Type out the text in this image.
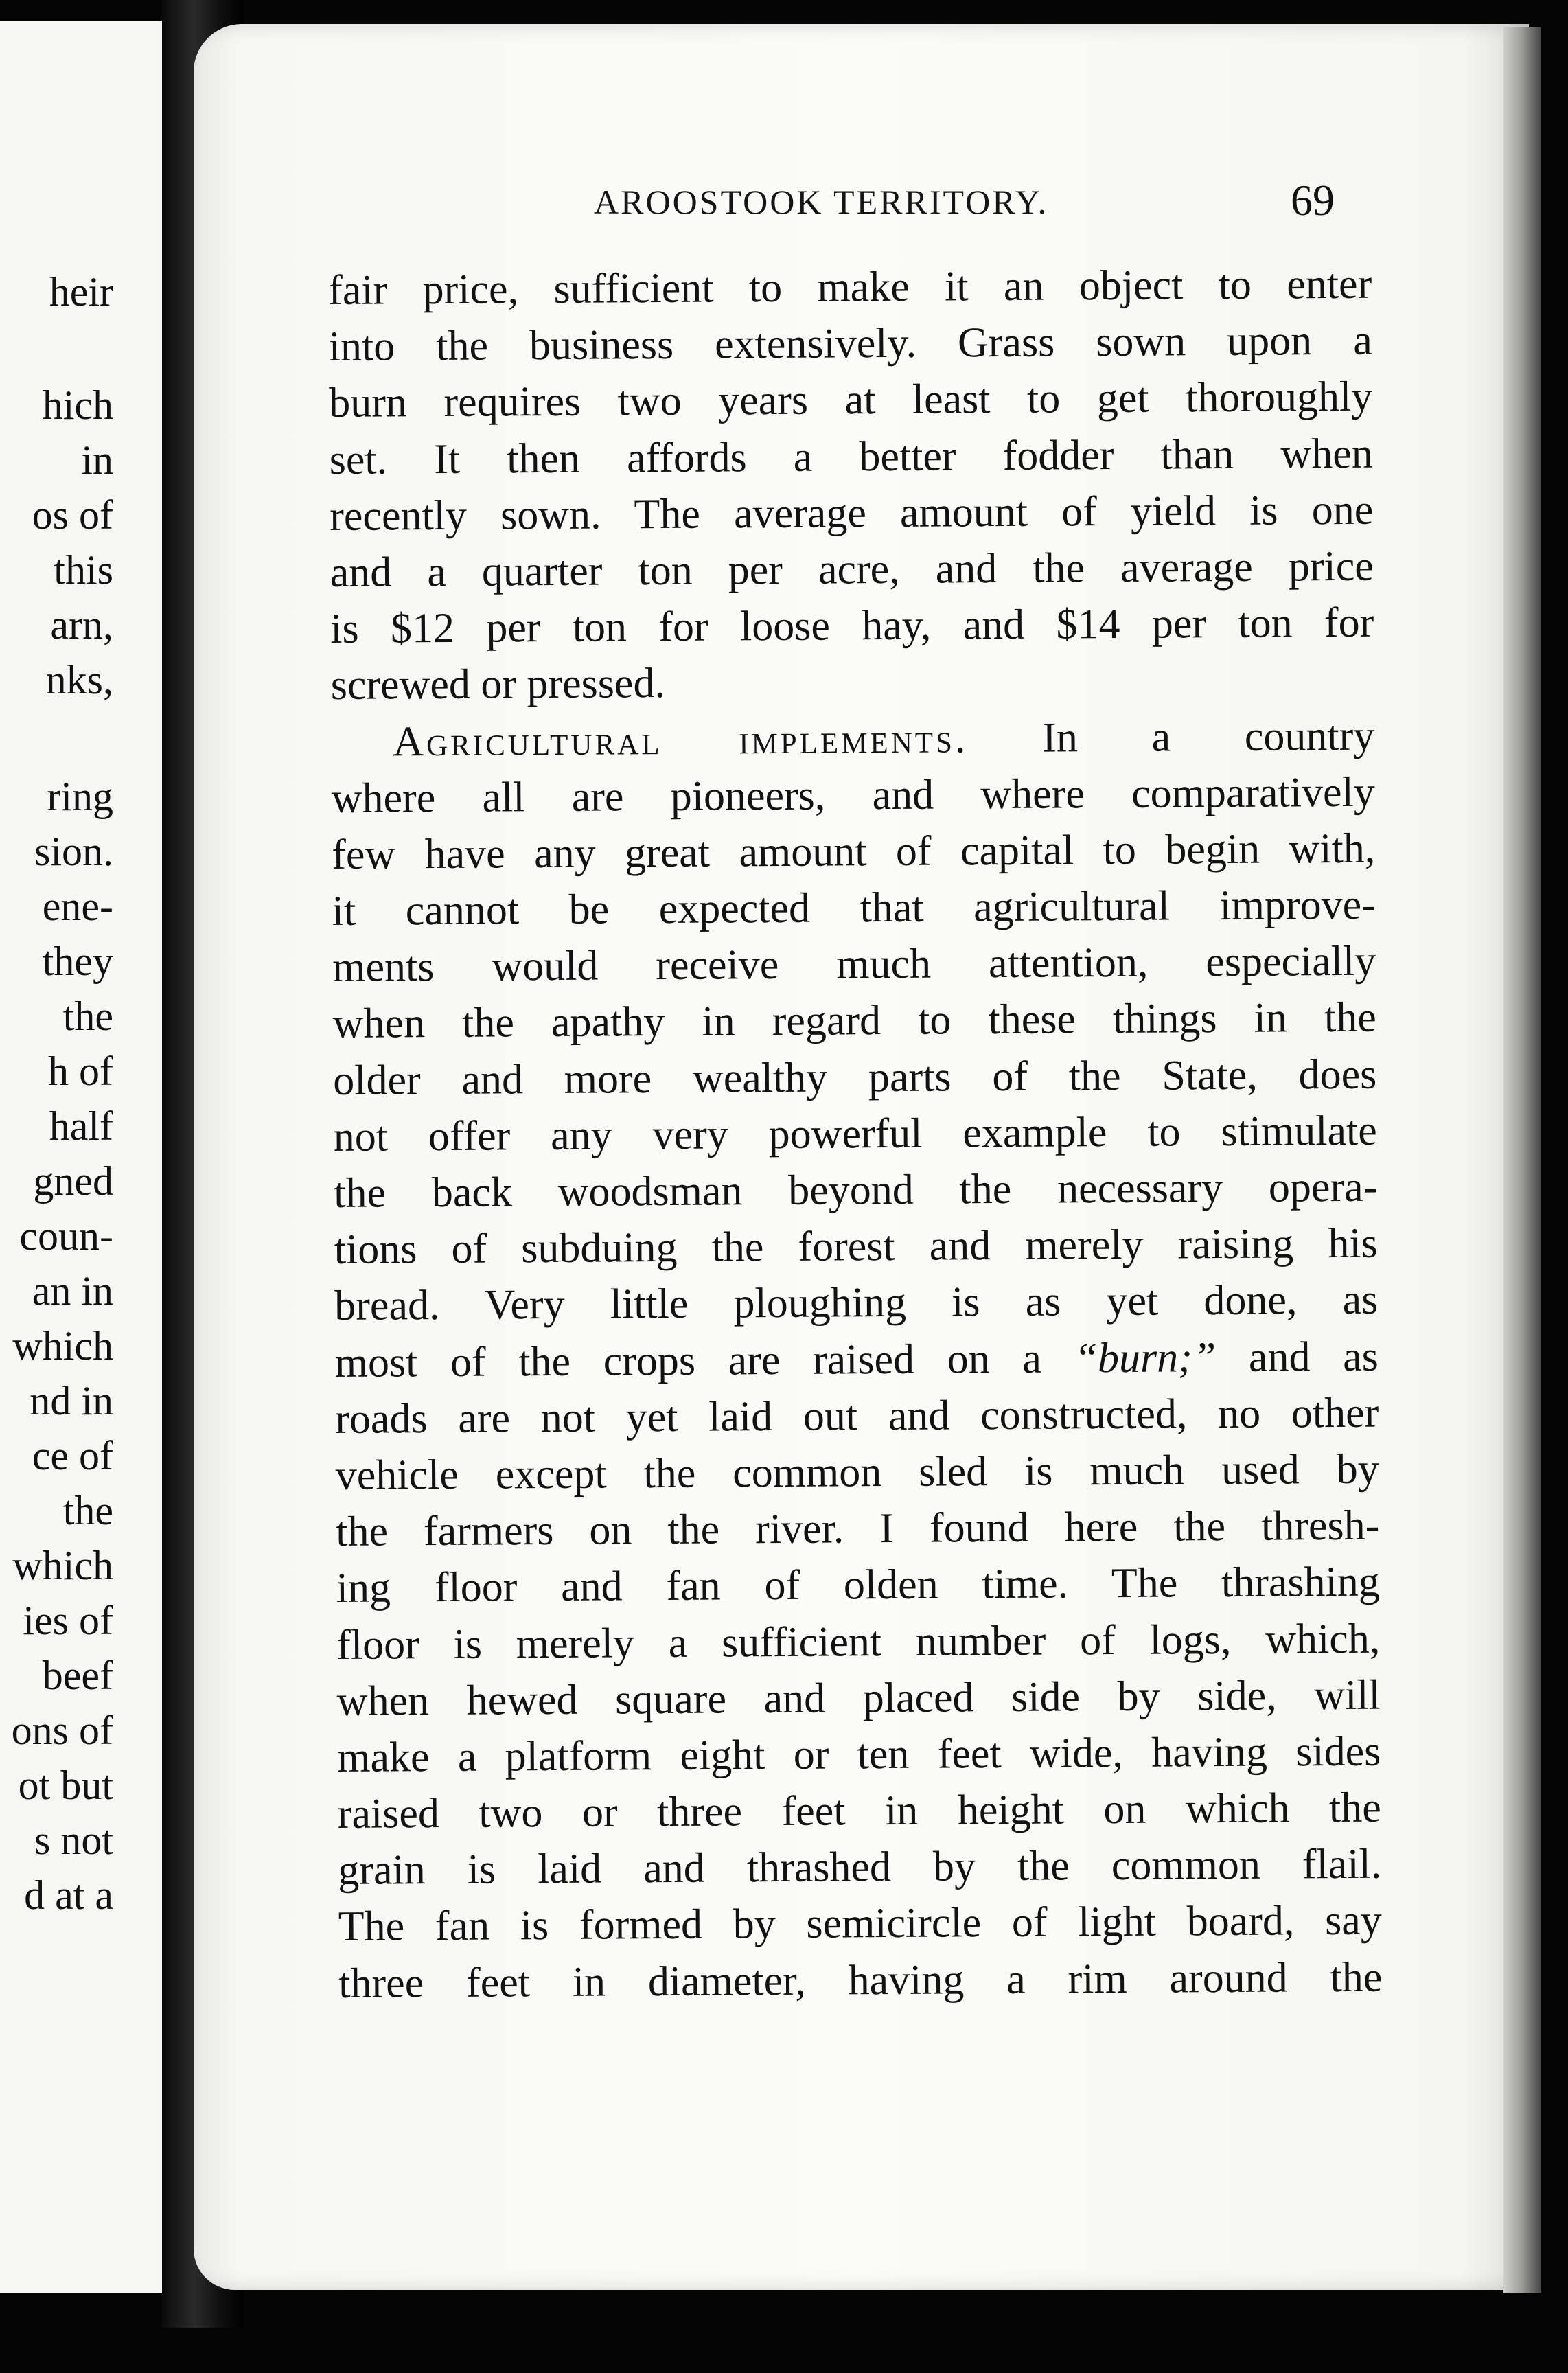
heir
hich
in
os of
this
arn,
nks,
ring
sion.
ene-
they
the
h of
half
gned
coun-
an in
which
nd in
ce of
the
which
ies of
beef
ons of
ot but
s not
d at a
AROOSTOOK TERRITORY.	69
fair price, sufficient to make it an object to enter
into the business extensively. Grass sown upon a
burn requires two years at least to get thoroughly
set. It then affords a better fodder than when
recently sown. The average amount of yield is one
and a quarter ton per acre, and the average price
is $12 per ton for loose hay, and $14 per ton for
screwed or pressed.
Agricultural implements. In a country
where all are pioneers, and where comparatively
few have any great amount of capital to begin with,
it cannot be expected that agricultural improve-
ments would receive much attention, especially
when the apathy in regard to these things in the
older and more wealthy parts of the State, does
not offer any very powerful example to stimulate
the back woodsman beyond the necessary opera-
tions of subduing the forest and merely raising his
bread. Very little ploughing is as yet done, as
most of the crops are raised on a “burn;” and as
roads are not yet laid out and constructed, no other
vehicle except the common sled is much used by
the farmers on the river. I found here the thresh-
ing floor and fan of olden time. The thrashing
floor is merely a sufficient number of logs, which,
when hewed square and placed side by side, will
make a platform eight or ten feet wide, having sides
raised two or three feet in height on which the
grain is laid and thrashed by the common flail.
The fan is formed by semicircle of light board, say
three feet in diameter, having a rim around the
